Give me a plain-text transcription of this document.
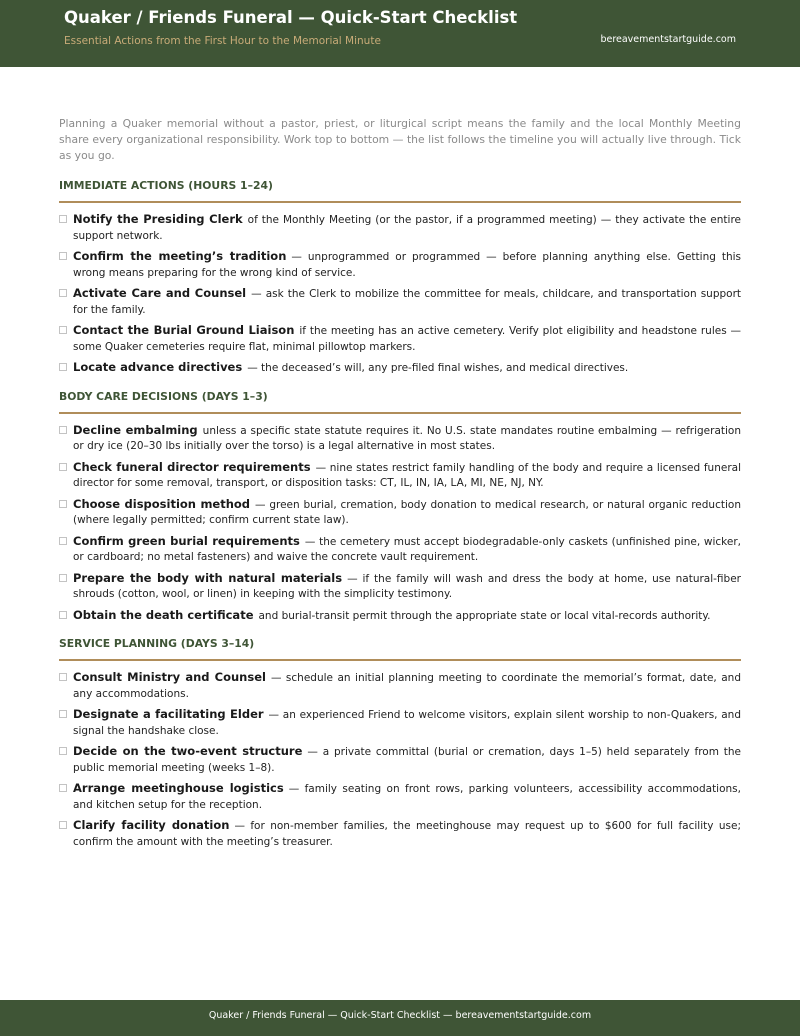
Quaker / Friends Funeral — Quick-Start Checklist
Essential Actions from the First Hour to the Memorial Minute	bereavementstartguide.com

Planning a Quaker memorial without a pastor, priest, or liturgical script means the family and the local Monthly Meeting share every organizational responsibility. Work top to bottom — the list follows the timeline you will actually live through. Tick as you go.

IMMEDIATE ACTIONS (HOURS 1–24)
Notify the Presiding Clerk of the Monthly Meeting (or the pastor, if a programmed meeting) — they activate the entire support network.
Confirm the meeting’s tradition — unprogrammed or programmed — before planning anything else. Getting this wrong means preparing for the wrong kind of service.
Activate Care and Counsel — ask the Clerk to mobilize the committee for meals, childcare, and transportation support for the family.
Contact the Burial Ground Liaison if the meeting has an active cemetery. Verify plot eligibility and headstone rules — some Quaker cemeteries require flat, minimal pillowtop markers.
Locate advance directives — the deceased’s will, any pre-filed final wishes, and medical directives.
BODY CARE DECISIONS (DAYS 1–3)
Decline embalming unless a specific state statute requires it. No U.S. state mandates routine embalming — refrigeration or dry ice (20–30 lbs initially over the torso) is a legal alternative in most states.
Check funeral director requirements — nine states restrict family handling of the body and require a licensed funeral director for some removal, transport, or disposition tasks: CT, IL, IN, IA, LA, MI, NE, NJ, NY.
Choose disposition method — green burial, cremation, body donation to medical research, or natural organic reduction (where legally permitted; confirm current state law).
Confirm green burial requirements — the cemetery must accept biodegradable-only caskets (unfinished pine, wicker, or cardboard; no metal fasteners) and waive the concrete vault requirement.
Prepare the body with natural materials — if the family will wash and dress the body at home, use natural-fiber shrouds (cotton, wool, or linen) in keeping with the simplicity testimony.
Obtain the death certificate and burial-transit permit through the appropriate state or local vital-records authority.
SERVICE PLANNING (DAYS 3–14)
Consult Ministry and Counsel — schedule an initial planning meeting to coordinate the memorial’s format, date, and any accommodations.
Designate a facilitating Elder — an experienced Friend to welcome visitors, explain silent worship to non-Quakers, and signal the handshake close.
Decide on the two-event structure — a private committal (burial or cremation, days 1–5) held separately from the public memorial meeting (weeks 1–8).
Arrange meetinghouse logistics — family seating on front rows, parking volunteers, accessibility accommodations, and kitchen setup for the reception.
Clarify facility donation — for non-member families, the meetinghouse may request up to $600 for full facility use; confirm the amount with the meeting’s treasurer.
Quaker / Friends Funeral — Quick-Start Checklist — bereavementstartguide.com
